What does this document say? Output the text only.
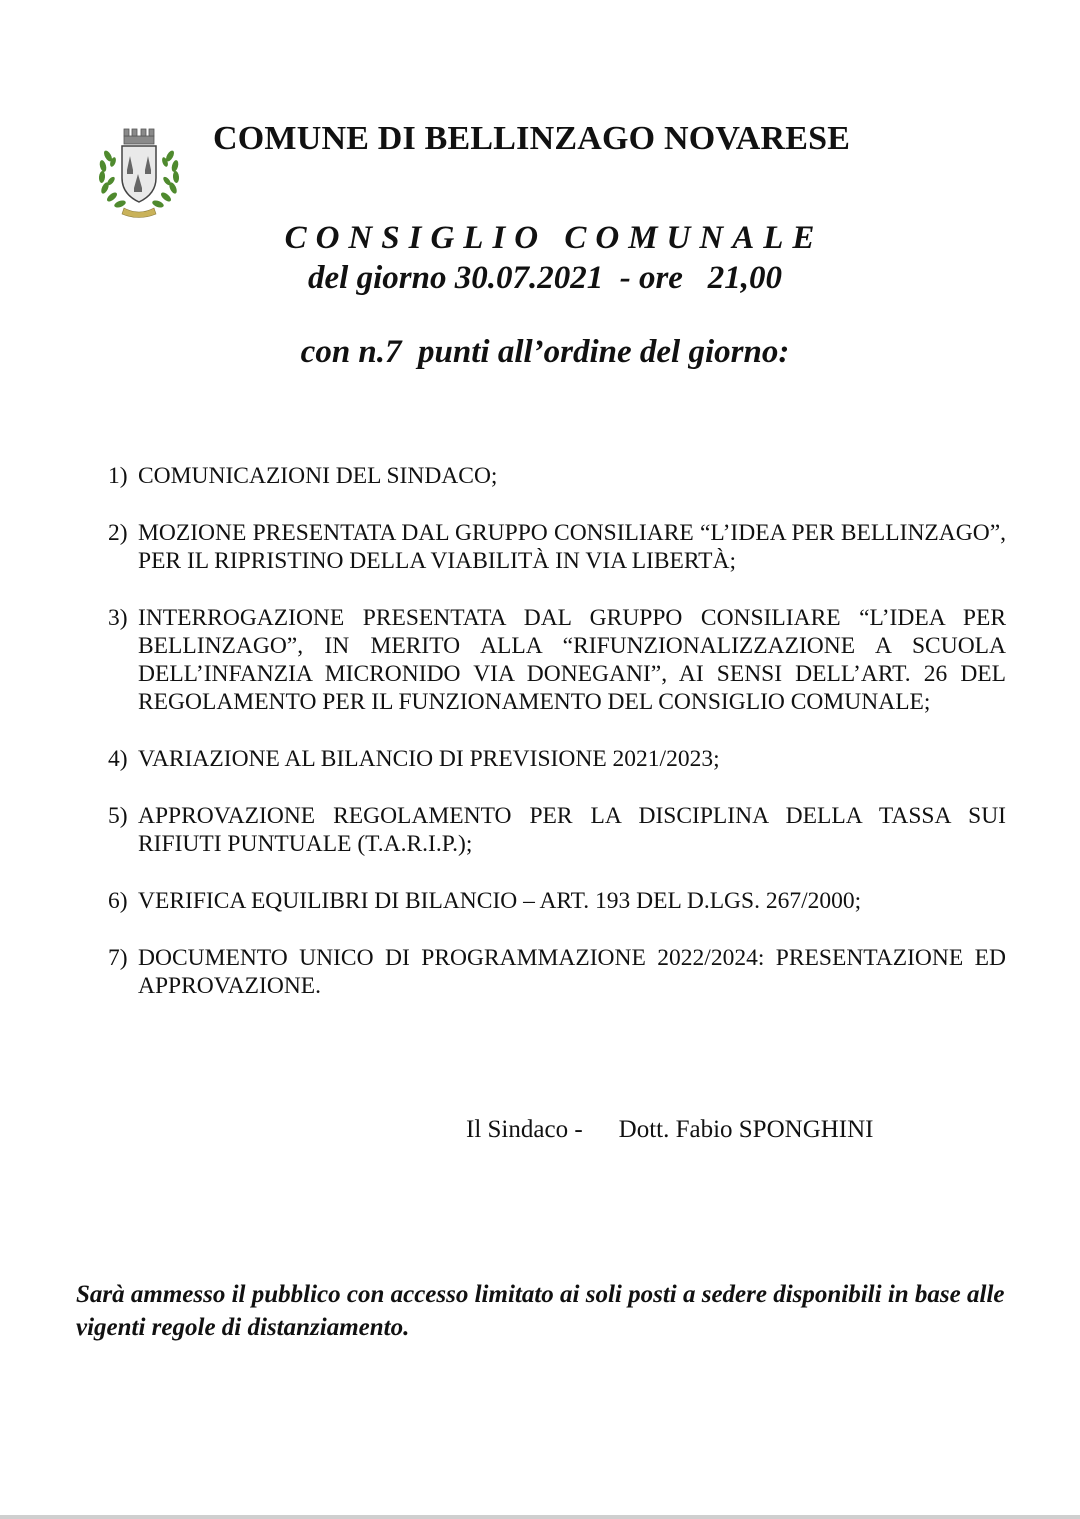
COMUNE DI BELLINZAGO NOVARESE
CONSIGLIO COMUNALE
del giorno 30.07.2021  - ore   21,00
con n.7  punti all’ordine del giorno:
1) COMUNICAZIONI DEL SINDACO;
2) MOZIONE PRESENTATA DAL GRUPPO CONSILIARE “L’IDEA PER BELLINZAGO”, PER IL RIPRISTINO DELLA VIABILITÀ IN VIA LIBERTÀ;
3) INTERROGAZIONE PRESENTATA DAL GRUPPO CONSILIARE “L’IDEA PER BELLINZAGO”, IN MERITO ALLA “RIFUNZIONALIZZAZIONE A SCUOLA DELL’INFANZIA MICRONIDO VIA DONEGANI”, AI SENSI DELL’ART. 26 DEL REGOLAMENTO PER IL FUNZIONAMENTO DEL CONSIGLIO COMUNALE;
4) VARIAZIONE AL BILANCIO DI PREVISIONE 2021/2023;
5) APPROVAZIONE REGOLAMENTO PER LA DISCIPLINA DELLA TASSA SUI RIFIUTI PUNTUALE (T.A.R.I.P.);
6) VERIFICA EQUILIBRI DI BILANCIO – ART. 193 DEL D.LGS. 267/2000;
7) DOCUMENTO UNICO DI PROGRAMMAZIONE 2022/2024: PRESENTAZIONE ED APPROVAZIONE.
Il Sindaco - Dott. Fabio SPONGHINI
Sarà ammesso il pubblico con accesso limitato ai soli posti a sedere disponibili in base alle vigenti regole di distanziamento.
